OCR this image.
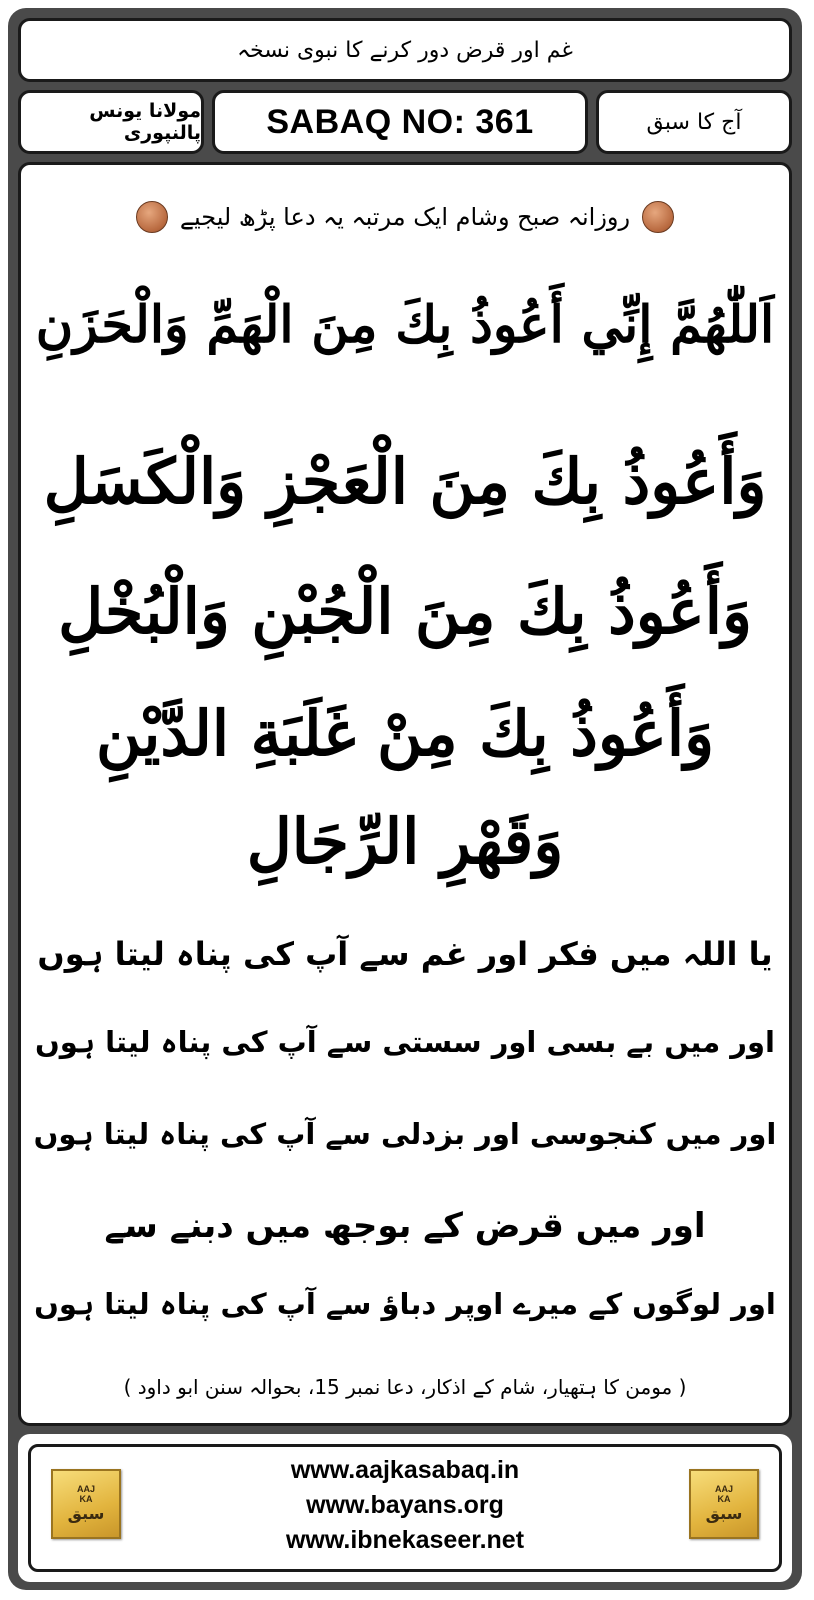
غم اور قرض دور کرنے کا نبوی نسخہ
مولانا یونس پالنپوری SABAQ NO: 361	آج کا سبق
روزانہ صبح وشام ایک مرتبہ یہ دعا پڑھ لیجیے
اَللّٰهُمَّ إِنِّي أَعُوذُ بِكَ مِنَ الْهَمِّ وَالْحَزَنِ
وَأَعُوذُ بِكَ مِنَ الْعَجْزِ وَالْكَسَلِ
وَأَعُوذُ بِكَ مِنَ الْجُبْنِ وَالْبُخْلِ
وَأَعُوذُ بِكَ مِنْ غَلَبَةِ الدَّيْنِ
وَقَهْرِ الرِّجَالِ
یا اللہ میں فکر اور غم سے آپ کی پناہ لیتا ہوں
اور میں بے بسی اور سستی سے آپ کی پناہ لیتا ہوں
اور میں کنجوسی اور بزدلی سے آپ کی پناہ لیتا ہوں
اور میں قرض کے بوجھ میں دبنے سے
اور لوگوں کے میرے اوپر دباؤ سے آپ کی پناہ لیتا ہوں
( مومن کا ہتھیار، شام کے اذکار، دعا نمبر 15، بحوالہ سنن ابو داود )
AAJ
KA
سبق
www.aajkasabaq.in
www.bayans.org
www.ibnekaseer.net
AAJ
KA
سبق
